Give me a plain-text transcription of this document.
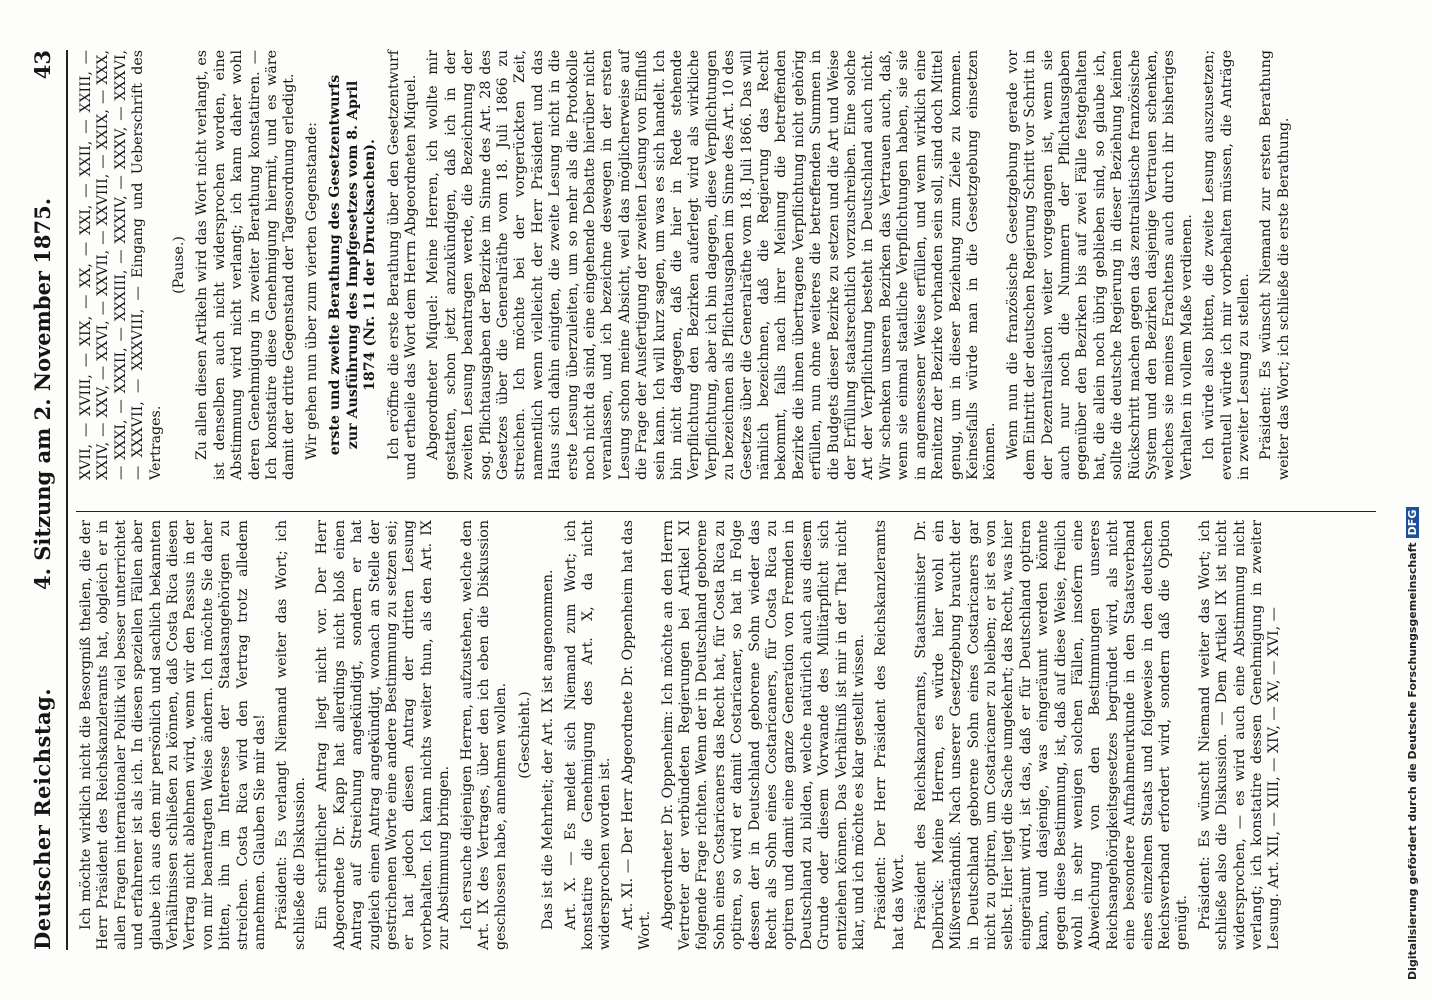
Deutscher Reichstag.
4. Sitzung am 2. November 1875.
43

Ich möchte wirklich nicht die Besorgniß theilen, die der Herr Präsident des Reichskanzleramts hat, obgleich er in allen Fragen internationaler Politik viel besser unterrichtet und erfahrener ist als ich. In diesen speziellen Fällen aber glaube ich aus den mir persönlich und sachlich bekannten Verhältnissen schließen zu können, daß Costa Rica diesen Vertrag nicht ablehnen wird, wenn wir den Passus in der von mir beantragten Weise ändern. Ich möchte Sie daher bitten, ihn im Interesse der Staatsangehörigen zu streichen. Costa Rica wird den Vertrag trotz alledem annehmen. Glauben Sie mir das! Präsident: Es verlangt Niemand weiter das Wort; ich schließe die Diskussion. Ein schriftlicher Antrag liegt nicht vor. Der Herr Abgeordnete Dr. Kapp hat allerdings nicht bloß einen Antrag auf Streichung angekündigt, sondern er hat zugleich einen Antrag angekündigt, wonach an Stelle der gestrichenen Worte eine andere Bestimmung zu setzen sei; er hat jedoch diesen Antrag der dritten Lesung vorbehalten. Ich kann nichts weiter thun, als den Art. IX zur Abstimmung bringen. Ich ersuche diejenigen Herren, aufzustehen, welche den Art. IX des Vertrages, über den ich eben die Diskussion geschlossen habe, annehmen wollen. (Geschieht.) Das ist die Mehrheit; der Art. IX ist angenommen. Art. X. — Es meldet sich Niemand zum Wort; ich konstatire die Genehmigung des Art. X, da nicht widersprochen worden ist. Art. XI. — Der Herr Abgeordnete Dr. Oppenheim hat das Wort.

Abgeordneter Dr. Oppenheim: Ich möchte an den Herrn Vertreter der verbündeten Regierungen bei Artikel XI folgende Frage richten. Wenn der in Deutschland geborene Sohn eines Costaricaners das Recht hat, für Costa Rica zu optiren, so wird er damit Costaricaner, so hat in Folge dessen der in Deutschland geborene Sohn wieder das Recht als Sohn eines Costaricaners, für Costa Rica zu optiren und damit eine ganze Generation von Fremden in Deutschland zu bilden, welche natürlich auch aus diesem Grunde oder diesem Vorwande des Militärpflicht sich entziehen können. Das Verhältniß ist mir in der That nicht klar, und ich möchte es klar gestellt wissen. Präsident: Der Herr Präsident des Reichskanzleramts hat das Wort. Präsident des Reichskanzleramts, Staatsminister Dr. Delbrück: Meine Herren, es würde hier wohl ein Mißverständniß. Nach unserer Gesetzgebung braucht der in Deutschland geborene Sohn eines Costaricaners gar nicht zu optiren, um Costaricaner zu bleiben; er ist es von selbst. Hier liegt die Sache umgekehrt; das Recht, was hier eingeräumt wird, ist das, daß er für Deutschland optiren kann, und dasjenige, was eingeräumt werden könnte gegen diese Bestimmung, ist, daß auf diese Weise, freilich wohl in sehr wenigen solchen Fällen, insofern eine Abweichung von den Bestimmungen unseres Reichsangehörigkeitsgesetzes begründet wird, als nicht eine besondere Aufnahmeurkunde in den Staatsverband eines einzelnen Staats und folgeweise in den deutschen Reichsverband erfordert wird, sondern daß die Option genügt. Präsident: Es wünscht Niemand weiter das Wort; ich schließe also die Diskussion. — Dem Artikel IX ist nicht widersprochen, — es wird auch eine Abstimmung nicht verlangt; ich konstatire dessen Genehmigung in zweiter Lesung. Art. XII, — XIII, — XIV, — XV, — XVI, —

XVII, — XVIII, — XIX, — XX, — XXI, — XXII, — XXIII, — XXIV, — XXV, — XXVI, — XXVII, — XXVIII, — XXIX, — XXX, — XXXI, — XXXII, — XXXIII, — XXXIV, — XXXV, — XXXVI, — XXXVII, — XXXVIII, — Eingang und Ueberschrift des Vertrages.

(Pause.) Zu allen diesen Artikeln wird das Wort nicht verlangt, es ist denselben auch nicht widersprochen worden, eine Abstimmung wird nicht verlangt; ich kann daher wohl deren Genehmigung in zweiter Berathung konstatiren. — Ich konstatire diese Genehmigung hiermit, und es wäre damit der dritte Gegenstand der Tagesordnung erledigt. Wir gehen nun über zum vierten Gegenstande: erste und zweite Berathung des Gesetzentwurfs zur Ausführung des Impfgesetzes vom 8. April 1874 (Nr. 11 der Drucksachen). Ich eröffne die erste Berathung über den Gesetzentwurf und ertheile das Wort dem Herrn Abgeordneten Miquel. Abgeordneter Miquel: Meine Herren, ich wollte mir gestatten, schon jetzt anzukündigen, daß ich in der zweiten Lesung beantragen werde, die Bezeichnung der sog. Pflichtausgaben der Bezirke im Sinne des Art. 28 des Gesetzes über die Generalräthe vom 18. Juli 1866 zu streichen. Ich möchte bei der vorgerückten Zeit, namentlich wenn vielleicht der Herr Präsident und das Haus sich dahin einigten, die zweite Lesung nicht in die erste Lesung überzuleiten, um so mehr als die Protokolle noch nicht da sind, eine eingehende Debatte hierüber nicht veranlassen, und ich bezeichne deswegen in der ersten Lesung schon meine Absicht, weil das möglicherweise auf die Frage der Ausfertigung der zweiten Lesung von Einfluß sein kann. Ich will kurz sagen, um was es sich handelt. Ich bin nicht dagegen, daß die hier in Rede stehende Verpflichtung den Bezirken auferlegt wird als wirkliche Verpflichtung, aber ich bin dagegen, diese Verpflichtungen zu bezeichnen als Pflichtausgaben im Sinne des Art. 10 des Gesetzes über die Generalräthe vom 18. Juli 1866. Das will nämlich bezeichnen, daß die Regierung das Recht bekommt, falls nach ihrer Meinung die betreffenden Bezirke die ihnen übertragene Verpflichtung nicht gehörig erfüllen, nun ohne weiteres die betreffenden Summen in die Budgets dieser Bezirke zu setzen und die Art und Weise der Erfüllung staatsrechtlich vorzuschreiben. Eine solche Art der Verpflichtung besteht in Deutschland auch nicht. Wir schenken unseren Bezirken das Vertrauen auch, daß, wenn sie einmal staatliche Verpflichtungen haben, sie sie in angemessener Weise erfüllen, und wenn wirklich eine Renitenz der Bezirke vorhanden sein soll, sind doch Mittel genug, um in dieser Beziehung zum Ziele zu kommen. Keinesfalls würde man in die Gesetzgebung einsetzen können. Wenn nun die französische Gesetzgebung gerade vor dem Eintritt der deutschen Regierung Schritt vor Schritt in der Dezentralisation weiter vorgegangen ist, wenn sie auch nur noch die Nummern der Pflichtausgaben gegenüber den Bezirken bis auf zwei Fälle festgehalten hat, die allein noch übrig geblieben sind, so glaube ich, sollte die deutsche Regierung in dieser Beziehung keinen Rückschritt machen gegen das zentralistische französische System und den Bezirken dasjenige Vertrauen schenken, welches sie meines Erachtens auch durch ihr bisheriges Verhalten in vollem Maße verdienen. Ich würde also bitten, die zweite Lesung auszusetzen; eventuell würde ich mir vorbehalten müssen, die Anträge in zweiter Lesung zu stellen. Präsident: Es wünscht Niemand zur ersten Berathung weiter das Wort; ich schließe die erste Berathung.

Digitalisierung gefördert durch die Deutsche ForschungsgemeinschaftDFG
